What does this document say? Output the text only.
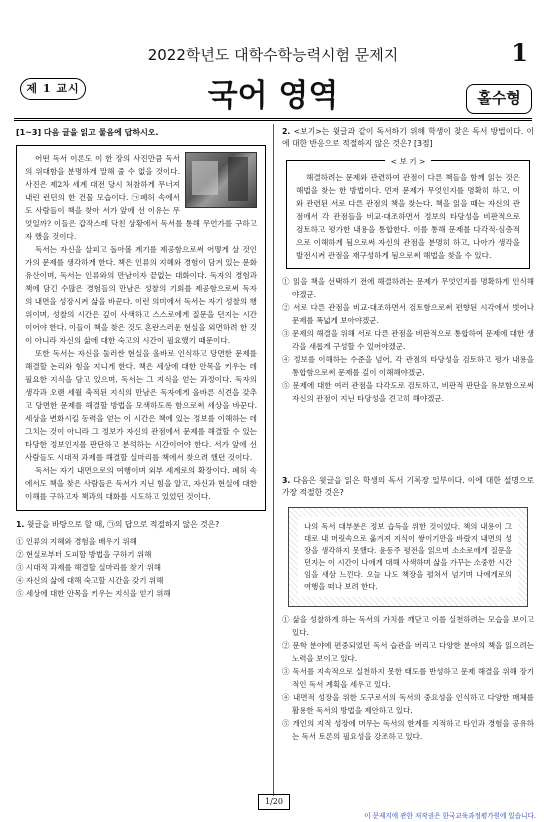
2022학년도 대학수학능력시험 문제지	1
제 1 교시	국어 영역	홀수형
[1~3] 다음 글을 읽고 물음에 답하시오.

어떤 독서 이론도 이 한 장의 사진만큼 독서의 위대함을 분명하게 말해 줄 수 없을 것이다. 사진은 제2차 세계 대전 당시 처참하게 무너져 내린 런던의 한 건물 모습이다. ㉠폐허 속에서도 사람들이 책을 찾아 서가 앞에 선 이유는 무엇일까? 이들은 갑작스레 닥친 상황에서 독서를 통해 무언가를 구하고자 했을 것이다.

독서는 자신을 살피고 돌아볼 계기를 제공함으로써 어떻게 살 것인가의 문제를 생각하게 한다. 책은 인류의 지혜와 경험이 담겨 있는 문화유산이며, 독서는 인류와의 만남이자 끝없는 대화이다. 독자의 경험과 책에 담긴 수많은 경험들의 만남은 성찰의 기회를 제공함으로써 독자의 내면을 성장시켜 삶을 바꾼다. 이런 의미에서 독서는 자기 성찰의 행위이며, 성찰의 시간은 깊이 사색하고 스스로에게 질문을 던지는 시간이어야 한다. 이들이 책을 찾은 것도 혼란스러운 현실을 외면하려 한 것이 아니라 자신의 삶에 대한 숙고의 시간이 필요했기 때문이다.

또한 독서는 자신을 둘러싼 현실을 올바로 인식하고 당면한 문제를 해결할 논리와 힘을 지니게 한다. 책은 세상에 대한 안목을 키우는 데 필요한 지식을 담고 있으며, 독서는 그 지식을 얻는 과정이다. 독자의 생각과 오랜 세월 축적된 지식의 만남은 독자에게 올바른 식견을 갖추고 당면한 문제를 해결할 방법을 모색하도록 함으로써 세상을 바꾼다. 세상을 변화시킬 동력을 얻는 이 시간은 책에 있는 정보를 이해하는 데 그치는 것이 아니라 그 정보가 자신의 관점에서 문제를 해결할 수 있는 타당한 정보인지를 판단하고 분석하는 시간이어야 한다. 서가 앞에 선 사람들도 시대적 과제를 해결할 실마리를 책에서 찾으려 했던 것이다.

독서는 자기 내면으로의 여행이며 외부 세계로의 확장이다. 폐허 속에서도 책을 찾은 사람들은 독서가 지닌 힘을 알고, 자신과 현실에 대한 이해를 구하고자 책과의 대화를 시도하고 있었던 것이다.

1. 윗글을 바탕으로 할 때, ㉠의 답으로 적절하지 않은 것은?
① 인류의 지혜와 경험을 배우기 위해
② 현실로부터 도피할 방법을 구하기 위해
③ 시대적 과제를 해결할 실마리를 찾기 위해
④ 자신의 삶에 대해 숙고할 시간을 갖기 위해
⑤ 세상에 대한 안목을 키우는 지식을 얻기 위해
2. <보기>는 윗글과 같이 독서하기 위해 학생이 찾은 독서 방법이다. 이에 대한 반응으로 적절하지 않은 것은? [3점]
< 보 기 >

해결하려는 문제와 관련하여 관점이 다른 책들을 함께 읽는 것은 해법을 찾는 한 방법이다. 먼저 문제가 무엇인지를 명확히 하고, 이와 관련된 서로 다른 관점의 책을 찾는다. 책을 읽을 때는 자신의 관점에서 각 관점들을 비교·대조하면서 정보의 타당성을 비판적으로 검토하고 평가한 내용을 통합한다. 이를 통해 문제를 다각적·심층적으로 이해하게 됨으로써 자신의 관점을 분명히 하고, 나아가 생각을 발전시켜 관점을 재구성하게 됨으로써 해법을 찾을 수 있다.

① 읽을 책을 선택하기 전에 해결하려는 문제가 무엇인지를 명확하게 인식해야겠군.
② 서로 다른 관점을 비교·대조하면서 검토함으로써 편향된 시각에서 벗어나 문제를 폭넓게 보아야겠군.
③ 문제의 해결을 위해 서로 다른 관점을 비판적으로 통합하여 문제에 대한 생각을 새롭게 구성할 수 있어야겠군.
④ 정보를 이해하는 수준을 넘어, 각 관점의 타당성을 검토하고 평가 내용을 통합함으로써 문제를 깊이 이해해야겠군.
⑤ 문제에 대한 여러 관점을 다각도로 검토하고, 비판적 판단을 유보함으로써 자신의 관점이 지닌 타당성을 견고히 해야겠군.
3. 다음은 윗글을 읽은 학생의 독서 기록장 일부이다. 이에 대한 설명으로 가장 적절한 것은?
나의 독서 대부분은 정보 습득을 위한 것이었다. 책의 내용이 그대로 내 머릿속으로 옮겨져 지식이 쌓이기만을 바랐지 내면의 성장을 생각하지 못했다. 윤동주 평전을 읽으며 소소로에게 질문을 던지는 이 시간이 나에게 대해 사색하며 삶을 가꾸는 소중한 시간임을 새삼 느낀다. 오늘 나도 책장을 펼쳐서 넘기며 나에게로의 여행을 떠나 보려 한다.
① 삶을 성찰하게 하는 독서의 가치를 깨닫고 이를 실천하려는 모습을 보이고 있다.
② 문학 분야에 편중되었던 독서 습관을 버리고 다양한 분야의 책을 읽으려는 노력을 보이고 있다.
③ 독서를 지속적으로 실천하지 못한 태도를 반성하고 문제 해결을 위해 장기적인 독서 계획을 세우고 있다.
④ 내면적 성장을 위한 도구로서의 독서의 중요성을 인식하고 다양한 매체를 활용한 독서의 방법을 제안하고 있다.
⑤ 개인의 지적 성장에 머무는 독서의 한계를 지적하고 타인과 경험을 공유하는 독서 토론의 필요성을 강조하고 있다.
1/20
이 문제지에 관한 저작권은 한국교육과정평가원에 있습니다.
